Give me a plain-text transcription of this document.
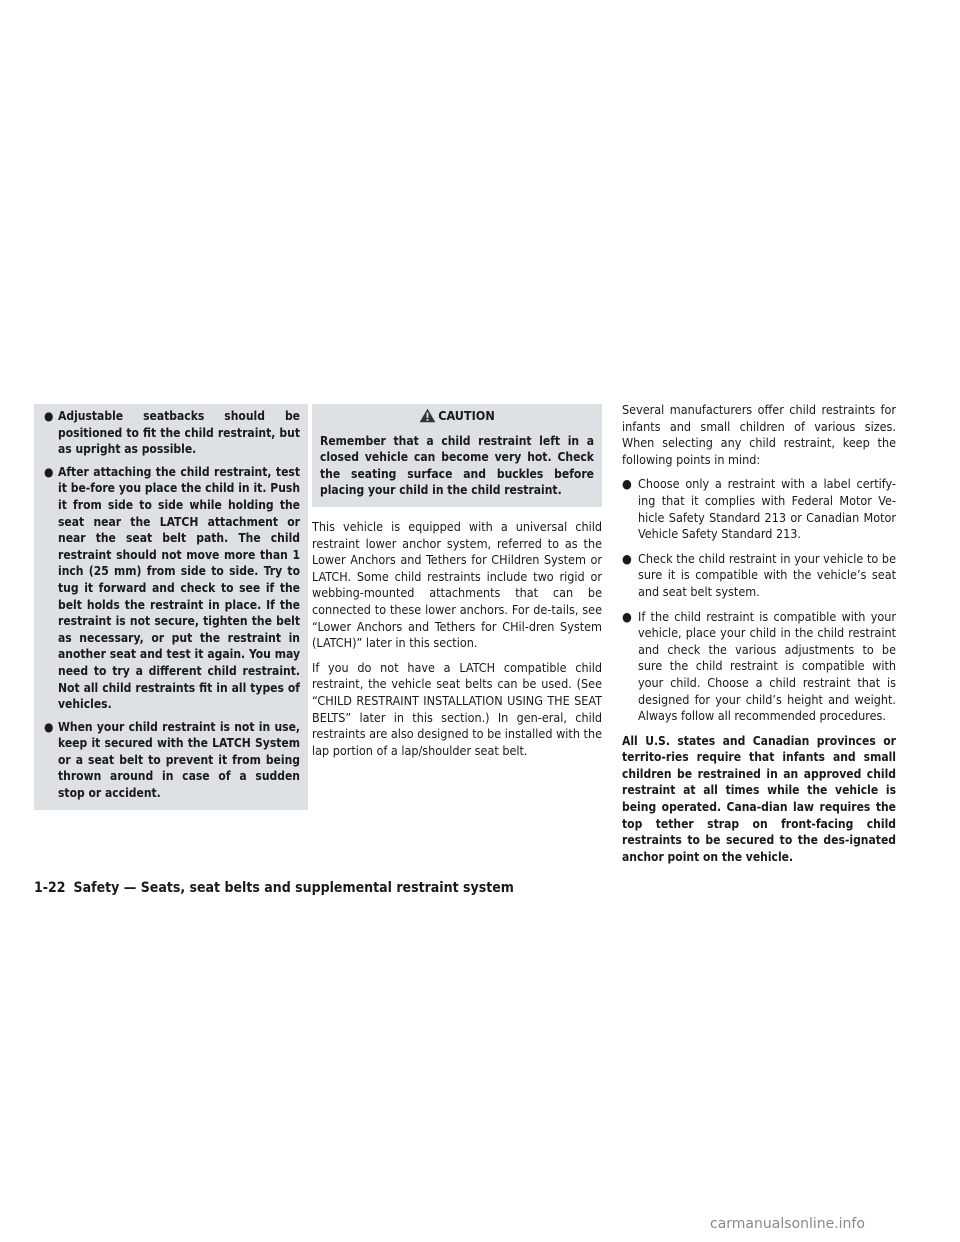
● Adjustable seatbacks should be positioned to fit the child restraint, but as upright as possible.
● After attaching the child restraint, test it be-fore you place the child in it. Push it from side to side while holding the seat near the LATCH attachment or near the seat belt path. The child restraint should not move more than 1 inch (25 mm) from side to side. Try to tug it forward and check to see if the belt holds the restraint in place. If the restraint is not secure, tighten the belt as necessary, or put the restraint in another seat and test it again. You may need to try a different child restraint. Not all child restraints fit in all types of vehicles.
● When your child restraint is not in use, keep it secured with the LATCH System or a seat belt to prevent it from being thrown around in case of a sudden stop or accident.
CAUTION
Remember that a child restraint left in a closed vehicle can become very hot. Check the seating surface and buckles before placing your child in the child restraint.

This vehicle is equipped with a universal child restraint lower anchor system, referred to as the Lower Anchors and Tethers for CHildren System or LATCH. Some child restraints include two rigid or webbing-mounted attachments that can be connected to these lower anchors. For de-tails, see “Lower Anchors and Tethers for CHil-dren System (LATCH)” later in this section.

If you do not have a LATCH compatible child restraint, the vehicle seat belts can be used. (See “CHILD RESTRAINT INSTALLATION USING THE SEAT BELTS” later in this section.) In gen-eral, child restraints are also designed to be installed with the lap portion of a lap/shoulder seat belt.

Several manufacturers offer child restraints for infants and small children of various sizes. When selecting any child restraint, keep the following points in mind:

● Choose only a restraint with a label certify-ing that it complies with Federal Motor Ve-hicle Safety Standard 213 or Canadian Motor Vehicle Safety Standard 213.
● Check the child restraint in your vehicle to be sure it is compatible with the vehicle’s seat and seat belt system.
● If the child restraint is compatible with your vehicle, place your child in the child restraint and check the various adjustments to be sure the child restraint is compatible with your child. Choose a child restraint that is designed for your child’s height and weight. Always follow all recommended procedures.

All U.S. states and Canadian provinces or territo-ries require that infants and small children be restrained in an approved child restraint at all times while the vehicle is being operated. Cana-dian law requires the top tether strap on front-facing child restraints to be secured to the des-ignated anchor point on the vehicle.

1-22 Safety — Seats, seat belts and supplemental restraint system
carmanualsonline.info
